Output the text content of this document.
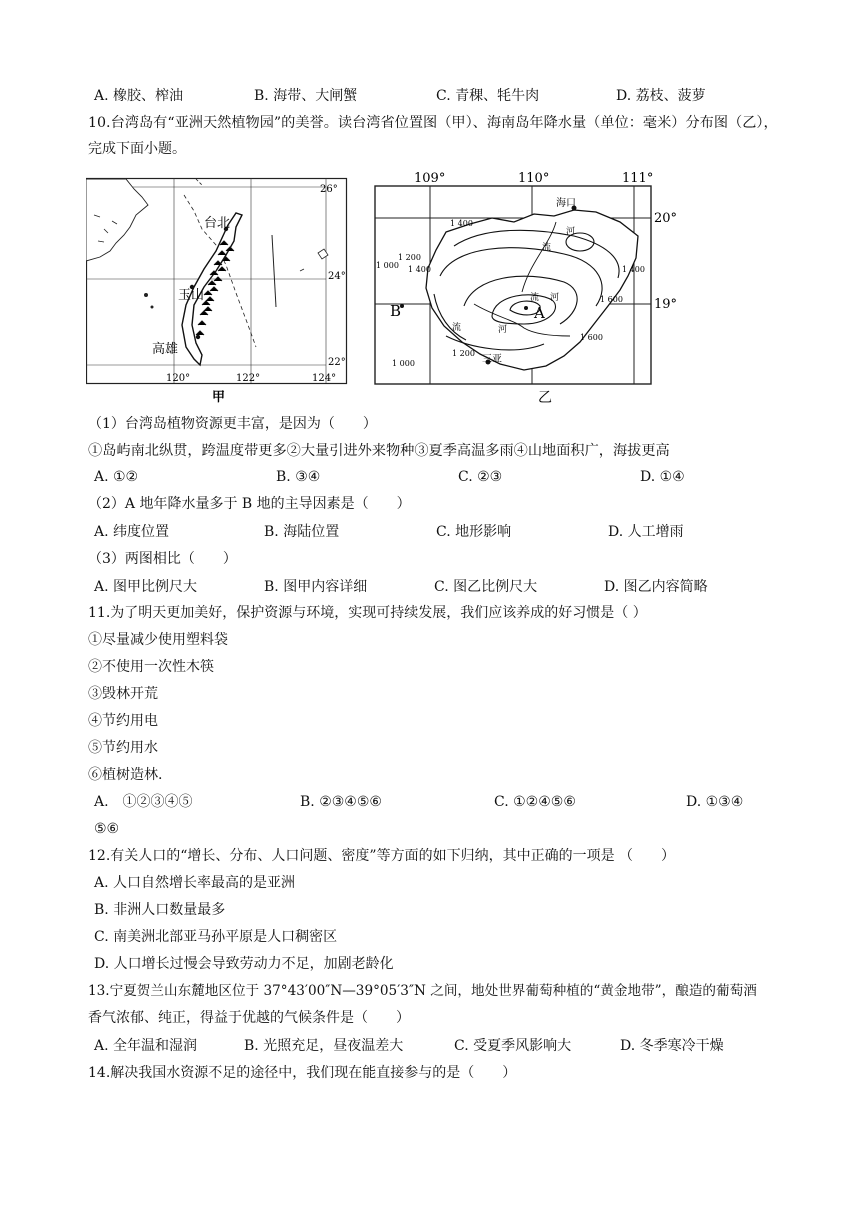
A. 橡胶、榨油	B. 海带、大闸蟹	C. 青稞、牦牛肉	D. 荔枝、菠萝
10.台湾岛有“亚洲天然植物园”的美誉。读台湾省位置图（甲）、海南岛年降水量（单位：毫米）分布图（乙），
完成下面小题。
台北
玉山
高雄
26°
24°
22°
120°	122°	124°
甲
海口
三亚
A
B
河
流
流 河
流	河
1 400
1 200
1 400
1 000	1 400
1 600
1 600
1 200
1 000
109°	110°	111°
20°
19°
乙
（1）台湾岛植物资源更丰富，是因为（　　）
①岛屿南北纵贯，跨温度带更多②大量引进外来物种③夏季高温多雨④山地面积广，海拔更高
A. ①②	B. ③④	C. ②③	D. ①④
（2）A 地年降水量多于 B 地的主导因素是（　　）
A. 纬度位置	B. 海陆位置	C. 地形影响	D. 人工增雨
（3）两图相比（　　）
A. 图甲比例尺大	B. 图甲内容详细	C. 图乙比例尺大	D. 图乙内容简略
11.为了明天更加美好，保护资源与环境，实现可持续发展，我们应该养成的好习惯是（ ）
①尽量减少使用塑料袋
②不使用一次性木筷
③毁林开荒
④节约用电
⑤节约用水
⑥植树造林.
A.　①②③④⑤	B. ②③④⑤⑥	C. ①②④⑤⑥	D. ①③④
⑤⑥
12.有关人口的“增长、分布、人口问题、密度”等方面的如下归纳，其中正确的一项是 （　　）
A. 人口自然增长率最高的是亚洲
B. 非洲人口数量最多
C. 南美洲北部亚马孙平原是人口稠密区
D. 人口增长过慢会导致劳动力不足，加剧老龄化
13.宁夏贺兰山东麓地区位于 37°43′00″N—39°05′3″N 之间，地处世界葡萄种植的“黄金地带”，酿造的葡萄酒
香气浓郁、纯正，得益于优越的气候条件是（　　）
A. 全年温和湿润	B. 光照充足，昼夜温差大	C. 受夏季风影响大	D. 冬季寒冷干燥
14.解决我国水资源不足的途径中，我们现在能直接参与的是（　　）
